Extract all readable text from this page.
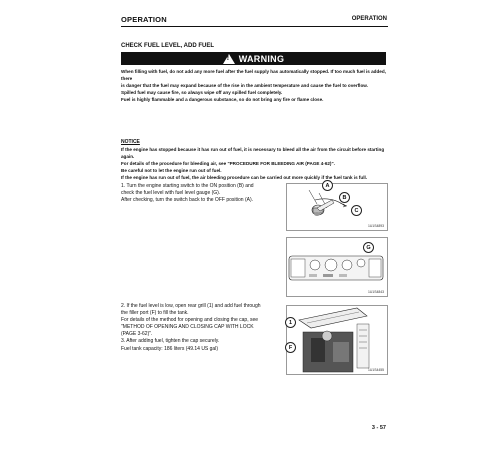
OPERATION	OPERATION
CHECK FUEL LEVEL, ADD FUEL
! WARNING
When filling with fuel, do not add any more fuel after the fuel supply has automatically stopped. If too much fuel is added, there
is danger that the fuel may expand because of the rise in the ambient temperature and cause the fuel to overflow.
Spilled fuel may cause fire, so always wipe off any spilled fuel completely.
Fuel is highly flammable and a dangerous substance, so do not bring any fire or flame close.
NOTICE
If the engine has stopped because it has run out of fuel, it is necessary to bleed all the air from the circuit before starting again.
For details of the procedure for bleeding air, see "PROCEDURE FOR BLEEDING AIR (PAGE 4-62)".
Be careful not to let the engine run out of fuel.
If the engine has run out of fuel, the air bleeding procedure can be carried out more quickly if the fuel tank is full.
1. Turn the engine starting switch to the ON position (B) and
check the fuel level with fuel level gauge (G).
After checking, turn the switch back to the OFF position (A).
A
B
C
1U1S4893
G
1U1S4843
2. If the fuel level is low, open rear grill (1) and add fuel through
the filler port (F) to fill the tank.
For details of the method for opening and closing the cap, see
"METHOD OF OPENING AND CLOSING CAP WITH LOCK
(PAGE 3-62)".
3. After adding fuel, tighten the cap securely.
Fuel tank capacity: 186 liters (49.14 US gal)
1
F
1U1S4455
3 - 57
